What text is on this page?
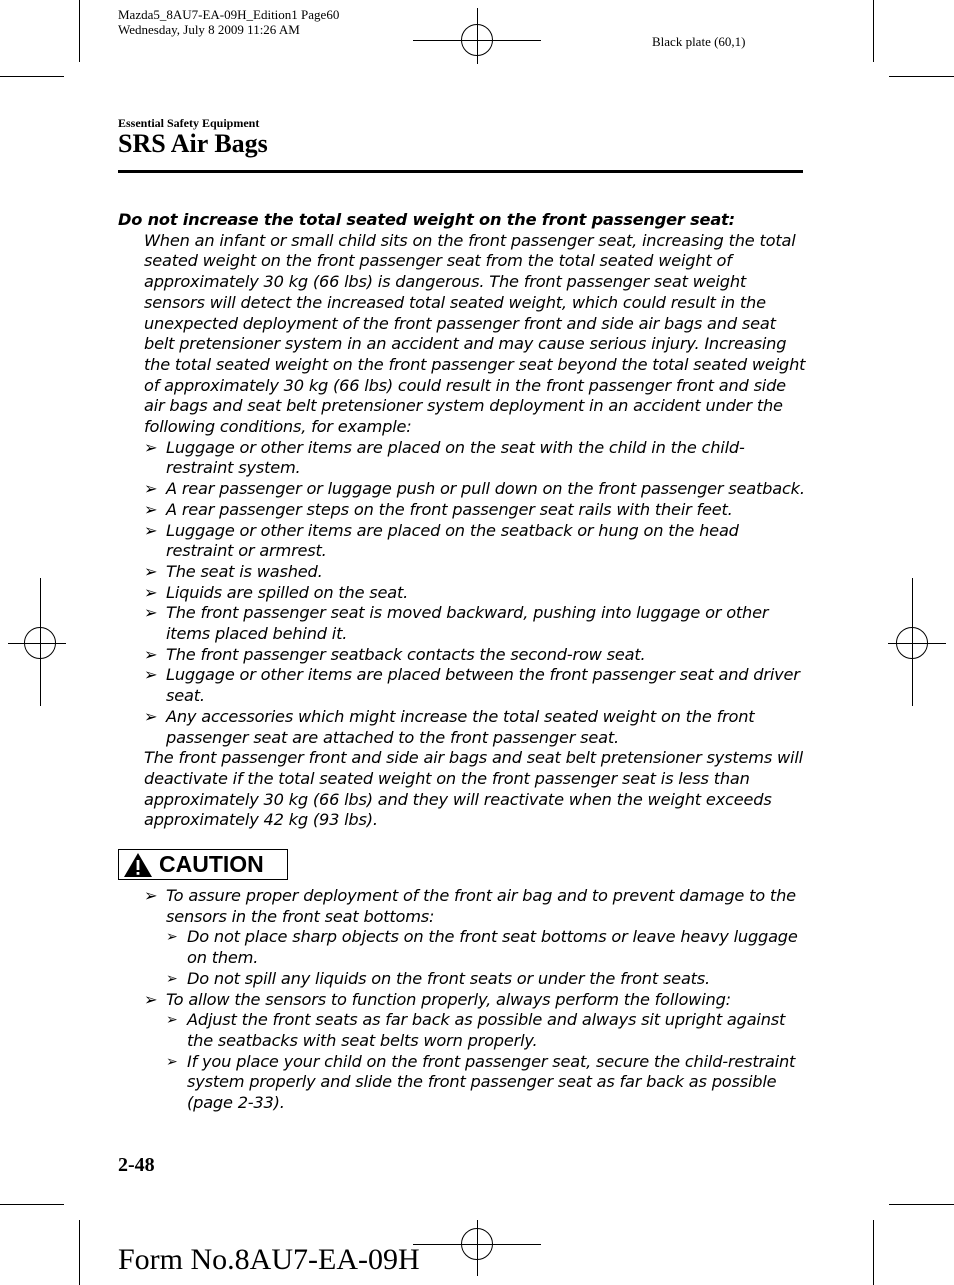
Mazda5_8AU7-EA-09H_Edition1 Page60
Wednesday, July 8 2009 11:26 AM
Black plate (60,1)
Essential Safety Equipment
SRS Air Bags
Do not increase the total seated weight on the front passenger seat:
When an infant or small child sits on the front passenger seat, increasing the total seated weight on the front passenger seat from the total seated weight of approximately 30 kg (66 lbs) is dangerous. The front passenger seat weight sensors will detect the increased total seated weight, which could result in the unexpected deployment of the front passenger front and side air bags and seat belt pretensioner system in an accident and may cause serious injury. Increasing the total seated weight on the front passenger seat beyond the total seated weight of approximately 30 kg (66 lbs) could result in the front passenger front and side air bags and seat belt pretensioner system deployment in an accident under the following conditions, for example:
➢ Luggage or other items are placed on the seat with the child in the child-restraint system.
➢ A rear passenger or luggage push or pull down on the front passenger seatback.
➢ A rear passenger steps on the front passenger seat rails with their feet.
➢ Luggage or other items are placed on the seatback or hung on the head restraint or armrest.
➢ The seat is washed.
➢ Liquids are spilled on the seat.
➢ The front passenger seat is moved backward, pushing into luggage or other items placed behind it.
➢ The front passenger seatback contacts the second-row seat.
➢ Luggage or other items are placed between the front passenger seat and driver seat.
➢ Any accessories which might increase the total seated weight on the front passenger seat are attached to the front passenger seat.
The front passenger front and side air bags and seat belt pretensioner systems will deactivate if the total seated weight on the front passenger seat is less than approximately 30 kg (66 lbs) and they will reactivate when the weight exceeds approximately 42 kg (93 lbs).
CAUTION
➢ To assure proper deployment of the front air bag and to prevent damage to the sensors in the front seat bottoms:
➢ Do not place sharp objects on the front seat bottoms or leave heavy luggage on them.
➢ Do not spill any liquids on the front seats or under the front seats.
➢ To allow the sensors to function properly, always perform the following:
➢ Adjust the front seats as far back as possible and always sit upright against the seatbacks with seat belts worn properly.
➢ If you place your child on the front passenger seat, secure the child-restraint system properly and slide the front passenger seat as far back as possible (page 2-33).
2-48
Form No.8AU7-EA-09H
